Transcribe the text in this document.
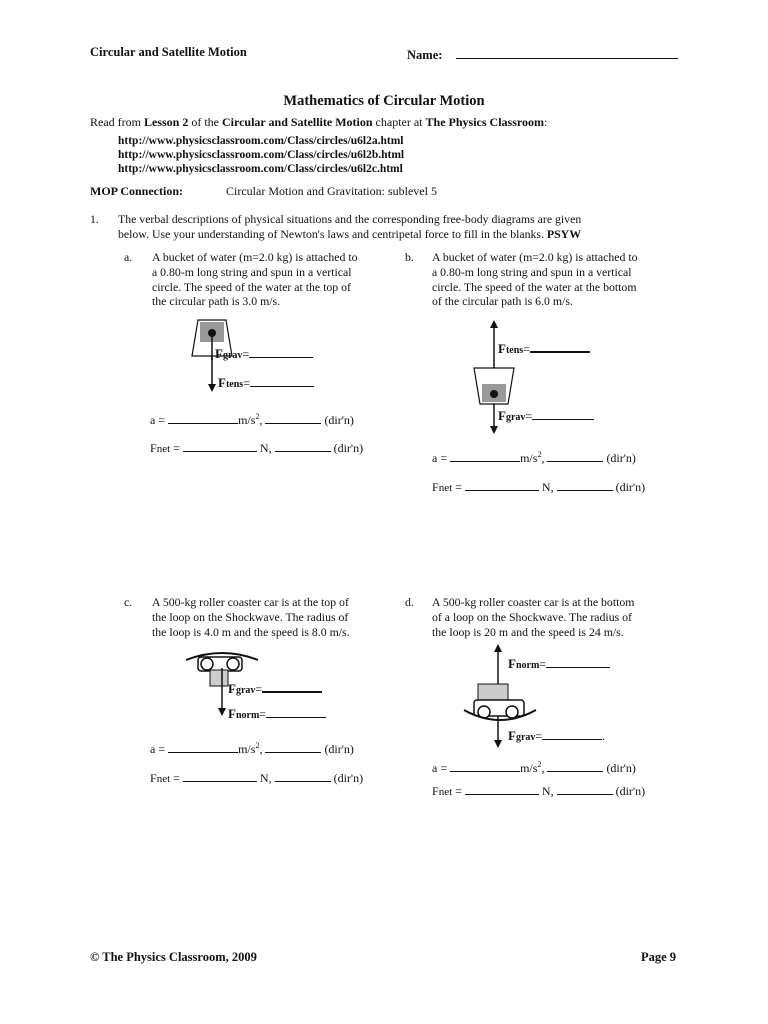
Circular and Satellite Motion	Name:
Mathematics of Circular Motion
Read from Lesson 2 of the Circular and Satellite Motion chapter at The Physics Classroom:
http://www.physicsclassroom.com/Class/circles/u6l2a.html
http://www.physicsclassroom.com/Class/circles/u6l2b.html
http://www.physicsclassroom.com/Class/circles/u6l2c.html
MOP Connection:	Circular Motion and Gravitation: sublevel 5
1. The verbal descriptions of physical situations and the corresponding free-body diagrams are given
below. Use your understanding of Newton's laws and centripetal force to fill in the blanks. PSYW
a. A bucket of water (m=2.0 kg) is attached to
a 0.80-m long string and spun in a vertical
circle. The speed of the water at the top of
the circular path is 3.0 m/s.
b. A bucket of water (m=2.0 kg) is attached to
a 0.80-m long string and spun in a vertical
circle. The speed of the water at the bottom
of the circular path is 6.0 m/s.
Fgrav=
Ftens=
a =	$m/s^2$,	(dir'n)
Fnet =	N,	(dir'n)
Ftens=
Fgrav=
a =	$m/s^2$,	(dir'n)
Fnet =	N,	(dir'n)
c. A 500-kg roller coaster car is at the top of
the loop on the Shockwave. The radius of
the loop is 4.0 m and the speed is 8.0 m/s.
d. A 500-kg roller coaster car is at the bottom
of a loop on the Shockwave. The radius of
the loop is 20 m and the speed is 24 m/s.
Fgrav=
Fnorm=
a =	$m/s^2$,	(dir'n)
Fnet =	N,	(dir'n)
Fnorm=
Fgrav=	.
a =	$m/s^2$,	(dir'n)
Fnet =	N,	(dir'n)
© The Physics Classroom, 2009	Page 9
